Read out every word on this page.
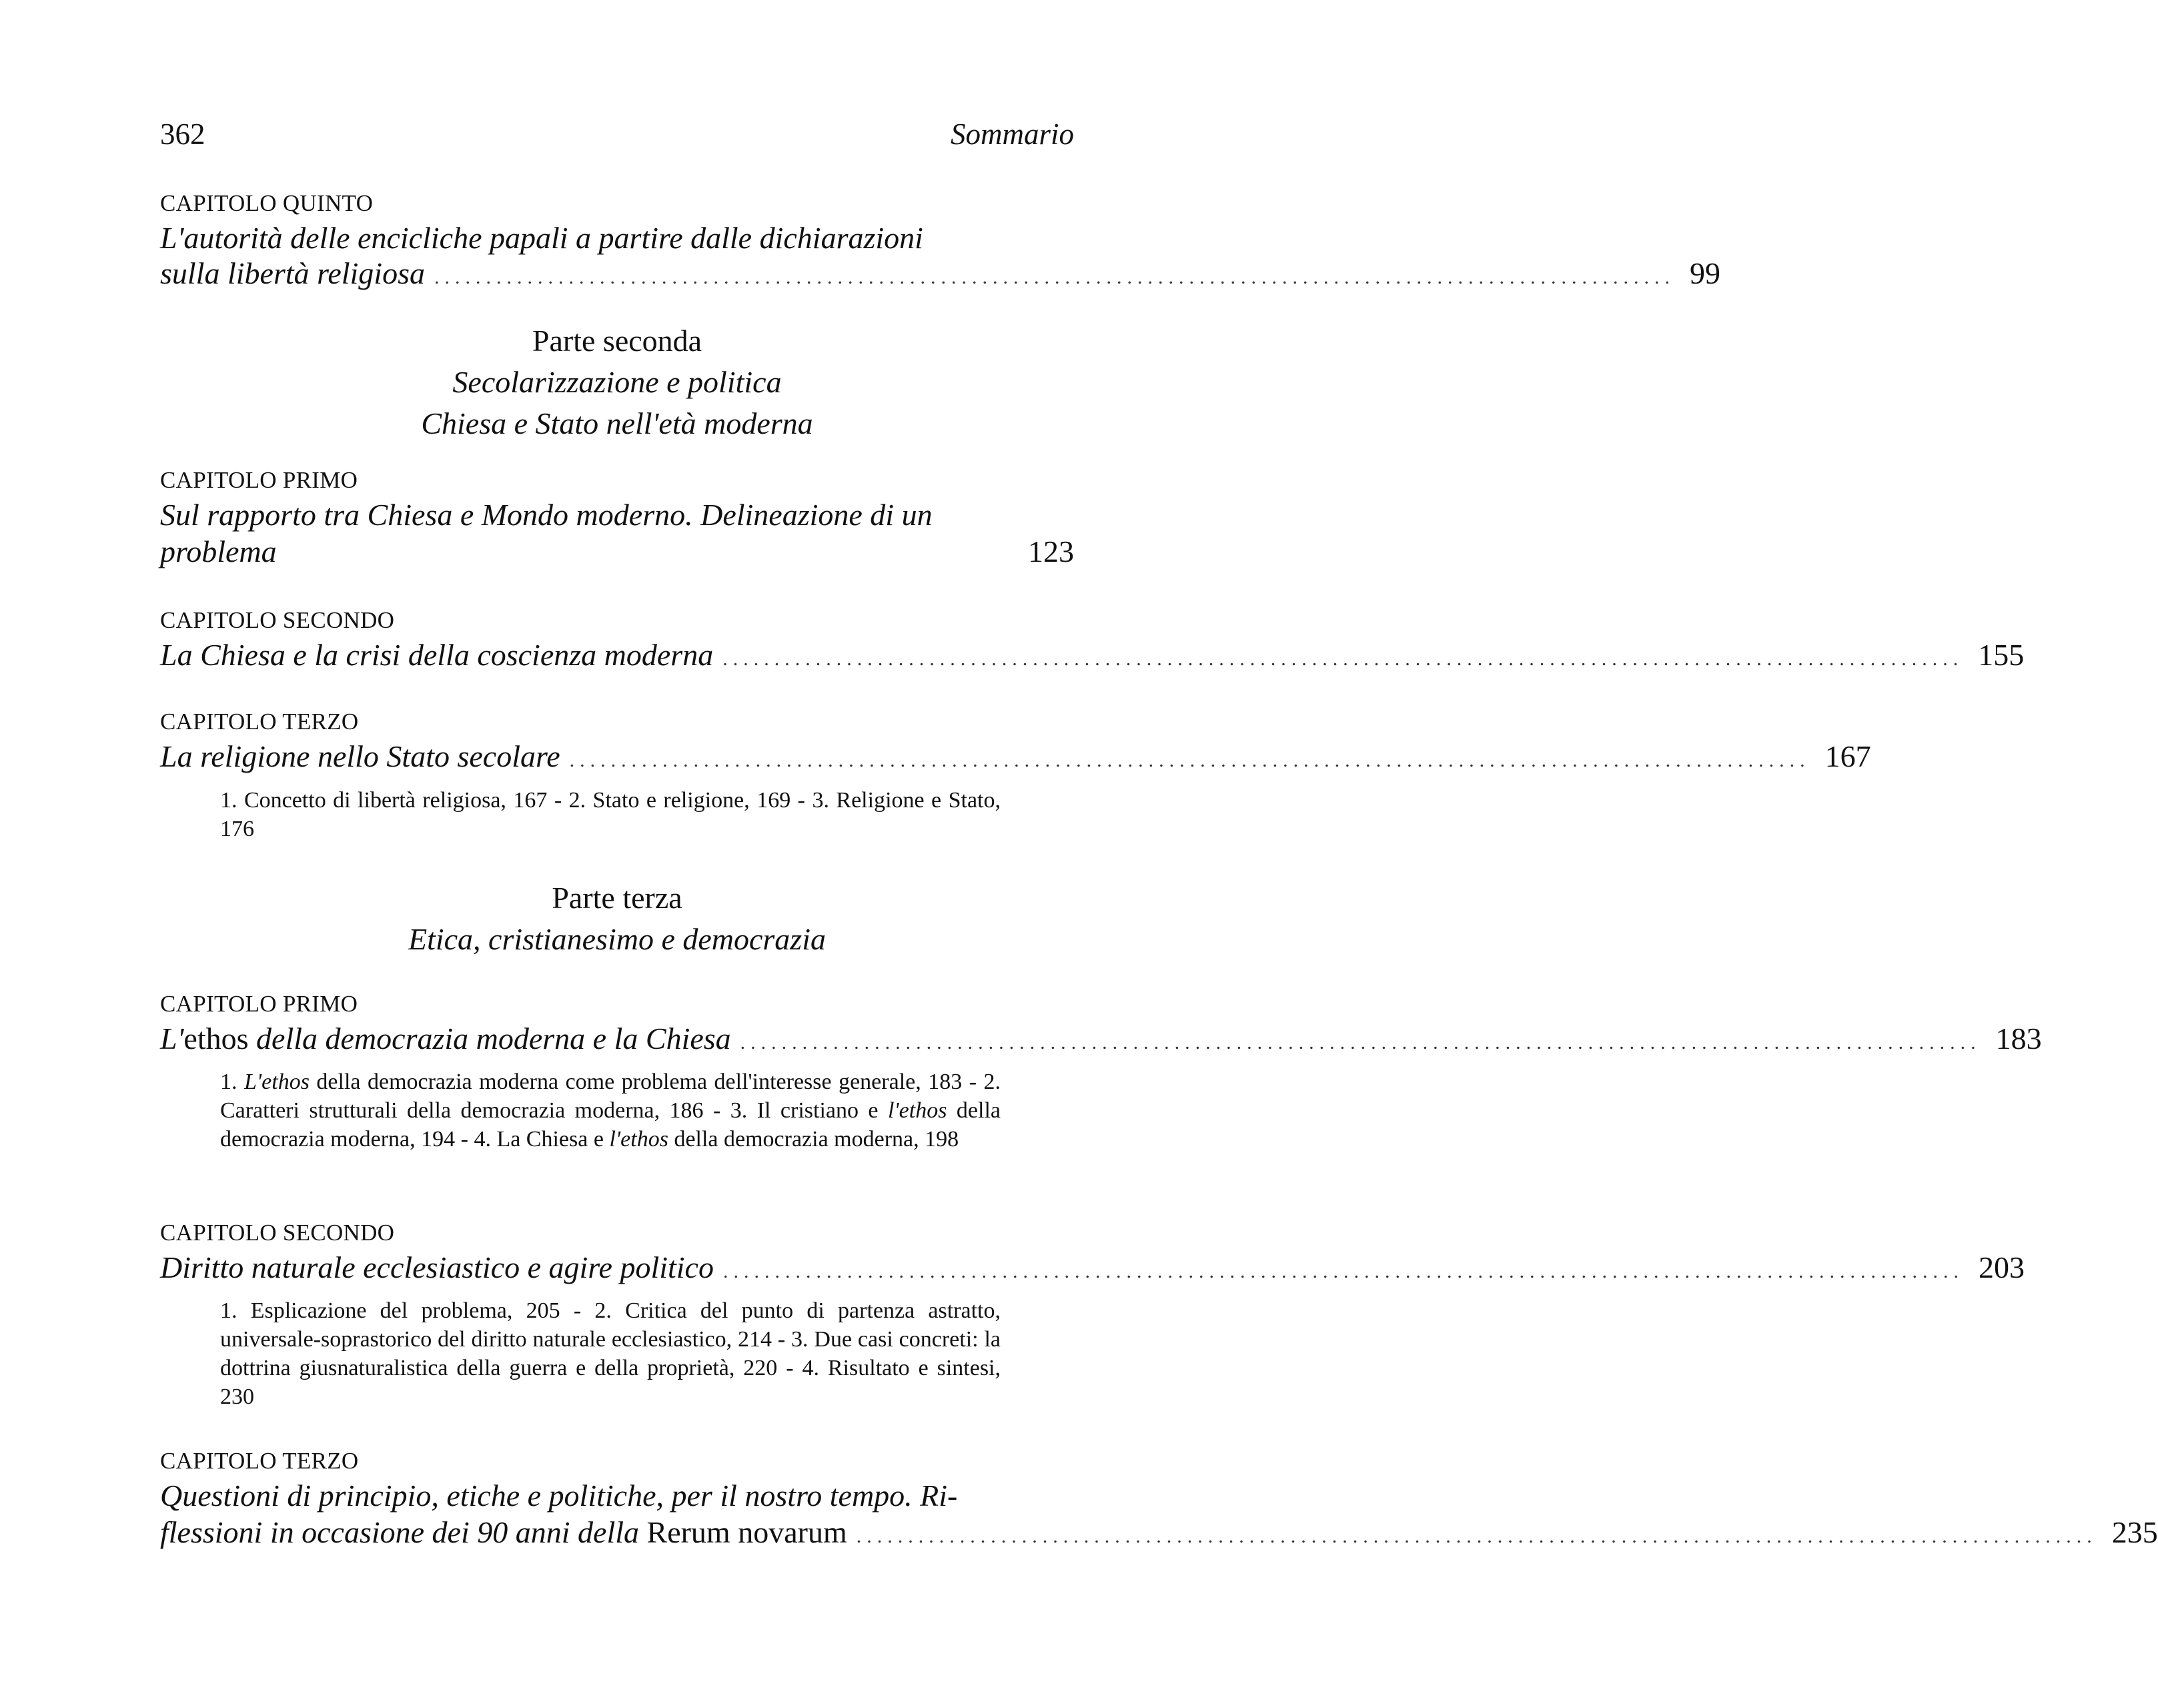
362	Sommario
CAPITOLO QUINTO
L'autorità delle encicliche papali a partire dalle dichiarazioni
sulla libertà religiosa ........................................................................................................................ 99
Parte seconda
Secolarizzazione e politica
Chiesa e Stato nell'età moderna
CAPITOLO PRIMO
Sul rapporto tra Chiesa e Mondo moderno. Delineazione di un
problema	123
CAPITOLO SECONDO
La Chiesa e la crisi della coscienza moderna ........................................................................................................................ 155
CAPITOLO TERZO
La religione nello Stato secolare ........................................................................................................................ 167
1. Concetto di libertà religiosa, 167 - 2. Stato e religione, 169 - 3. Religione e Stato, 176
Parte terza
Etica, cristianesimo e democrazia
CAPITOLO PRIMO
L'ethos della democrazia moderna e la Chiesa ........................................................................................................................ 183
1. L'ethos della democrazia moderna come problema dell'interesse generale, 183 - 2. Caratteri strutturali della democrazia moderna, 186 - 3. Il cristiano e l'ethos della democrazia moderna, 194 - 4. La Chiesa e l'ethos della democrazia moderna, 198
CAPITOLO SECONDO
Diritto naturale ecclesiastico e agire politico ........................................................................................................................ 203
1. Esplicazione del problema, 205 - 2. Critica del punto di partenza astratto, universale-soprastorico del diritto naturale ecclesiastico, 214 - 3. Due casi concreti: la dottrina giusnaturalistica della guerra e della proprietà, 220 - 4. Risultato e sintesi, 230
CAPITOLO TERZO
Questioni di principio, etiche e politiche, per il nostro tempo. Ri-
flessioni in occasione dei 90 anni della Rerum novarum ........................................................................................................................ 235
